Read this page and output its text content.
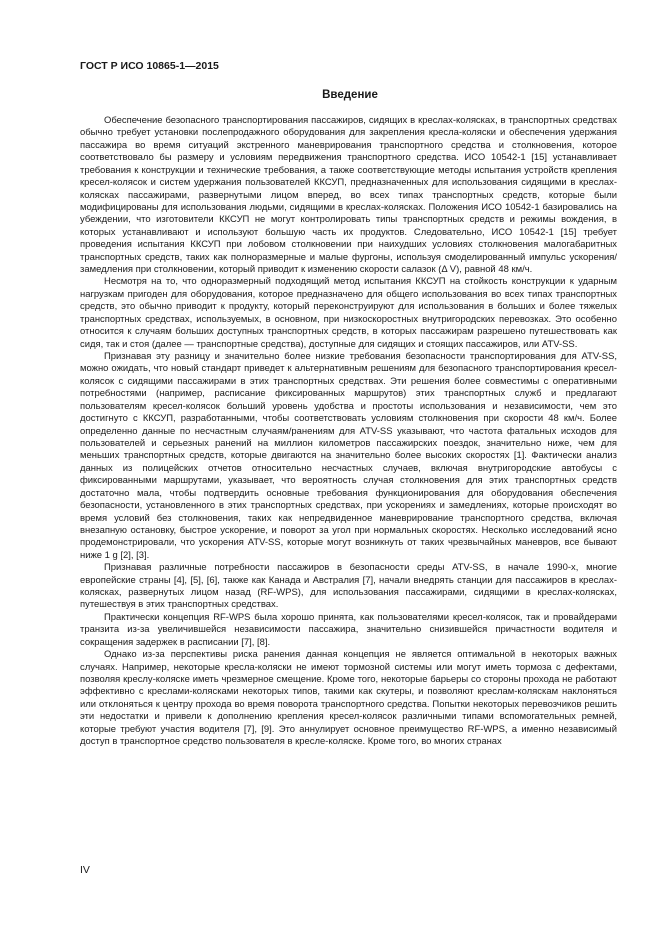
ГОСТ Р ИСО 10865-1—2015
Введение

Обеспечение безопасного транспортирования пассажиров, сидящих в креслах-колясках, в транспортных средствах обычно требует установки послепродажного оборудования для закрепления кресла-коляски и обеспечения удержания пассажира во время ситуаций экстренного маневрирования транспортного средства и столкновения, которое соответствовало бы размеру и условиям передвижения транспортного средства. ИСО 10542-1 [15] устанавливает требования к конструкции и технические требования, а также соответствующие методы испытания устройств крепления кресел-колясок и систем удержания пользователей ККСУП, предназначенных для использования сидящими в креслах-колясках пассажирами, развернутыми лицом вперед, во всех типах транспортных средств, которые были модифицированы для использования людьми, сидящими в креслах-колясках. Положения ИСО 10542-1 базировались на убеждении, что изготовители ККСУП не могут контролировать типы транспортных средств и режимы вождения, в которых устанавливают и используют большую часть их продуктов. Следовательно, ИСО 10542-1 [15] требует проведения испытания ККСУП при лобовом столкновении при наихудших условиях столкновения малогабаритных транспортных средств, таких как полноразмерные и малые фургоны, используя смоделированный импульс ускорения/замедления при столкновении, который приводит к изменению скорости салазок (Δ V), равной 48 км/ч.

Несмотря на то, что одноразмерный подходящий метод испытания ККСУП на стойкость конструкции к ударным нагрузкам пригоден для оборудования, которое предназначено для общего использования во всех типах транспортных средств, это обычно приводит к продукту, который переконструируют для использования в больших и более тяжелых транспортных средствах, используемых, в основном, при низкоскоростных внутригородских перевозках. Это особенно относится к случаям больших доступных транспортных средств, в которых пассажирам разрешено путешествовать как сидя, так и стоя (далее — транспортные средства), доступные для сидящих и стоящих пассажиров, или ATV-SS.

Признавая эту разницу и значительно более низкие требования безопасности транспортирования для ATV-SS, можно ожидать, что новый стандарт приведет к альтернативным решениям для безопасного транспортирования кресел-колясок с сидящими пассажирами в этих транспортных средствах. Эти решения более совместимы с оперативными потребностями (например, расписание фиксированных маршрутов) этих транспортных служб и предлагают пользователям кресел-колясок больший уровень удобства и простоты использования и независимости, чем это достигнуто с ККСУП, разработанными, чтобы соответствовать условиям столкновения при скорости 48 км/ч. Более определенно данные по несчастным случаям/ранениям для ATV-SS указывают, что частота фатальных исходов для пользователей и серьезных ранений на миллион километров пассажирских поездок, значительно ниже, чем для меньших транспортных средств, которые двигаются на значительно более высоких скоростях [1]. Фактически анализ данных из полицейских отчетов относительно несчастных случаев, включая внутригородские автобусы с фиксированными маршрутами, указывает, что вероятность случая столкновения для этих транспортных средств достаточно мала, чтобы подтвердить основные требования функционирования для оборудования обеспечения безопасности, установленного в этих транспортных средствах, при ускорениях и замедлениях, которые происходят во время условий без столкновения, таких как непредвиденное маневрирование транспортного средства, включая внезапную остановку, быстрое ускорение, и поворот за угол при нормальных скоростях. Несколько исследований ясно продемонстрировали, что ускорения ATV-SS, которые могут возникнуть от таких чрезвычайных маневров, все бывают ниже 1 g [2], [3].

Признавая различные потребности пассажиров в безопасности среды ATV-SS, в начале 1990-х, многие европейские страны [4], [5], [6], также как Канада и Австралия [7], начали внедрять станции для пассажиров в креслах-колясках, развернутых лицом назад (RF-WPS), для использования пассажирами, сидящими в креслах-колясках, путешествуя в этих транспортных средствах.

Практически концепция RF-WPS была хорошо принята, как пользователями кресел-колясок, так и провайдерами транзита из-за увеличившейся независимости пассажира, значительно снизившейся причастности водителя и сокращения задержек в расписании [7], [8].

Однако из-за перспективы риска ранения данная концепция не является оптимальной в некоторых важных случаях. Например, некоторые кресла-коляски не имеют тормозной системы или могут иметь тормоза с дефектами, позволяя креслу-коляске иметь чрезмерное смещение. Кроме того, некоторые барьеры со стороны прохода не работают эффективно с креслами-колясками некоторых типов, такими как скутеры, и позволяют креслам-коляскам наклоняться или отклоняться к центру прохода во время поворота транспортного средства. Попытки некоторых перевозчиков решить эти недостатки и привели к дополнению крепления кресел-колясок различными типами вспомогательных ремней, которые требуют участия водителя [7], [9]. Это аннулирует основное преимущество RF-WPS, а именно независимый доступ в транспортное средство пользователя в кресле-коляске. Кроме того, во многих странах

IV
